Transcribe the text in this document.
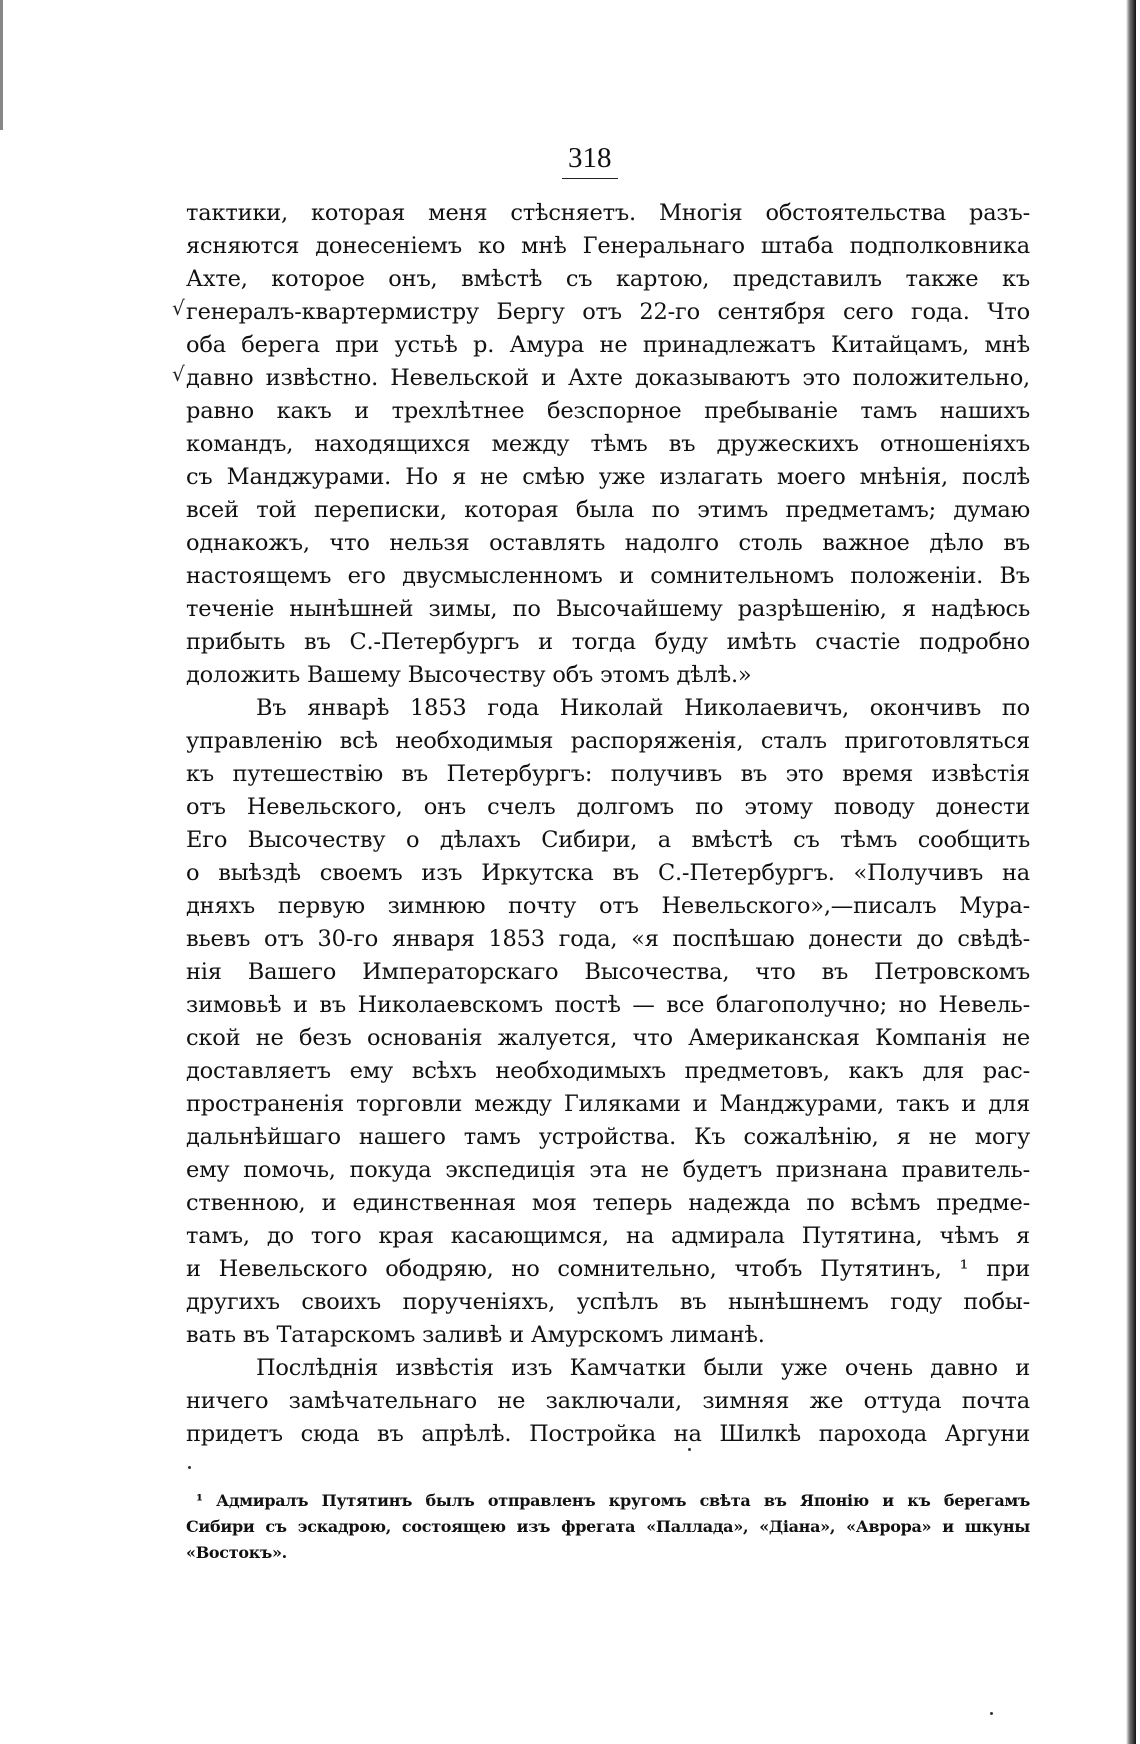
318
√
√
тактики, которая меня стѣсняетъ. Многія обстоятельства разъ-
ясняются донесеніемъ ко мнѣ Генеральнаго штаба подполковника
Ахте, которое онъ, вмѣстѣ съ картою, представилъ также къ
генералъ-квартермистру Бергу отъ 22-го сентября сего года. Что
оба берега при устьѣ р. Амура не принадлежатъ Китайцамъ, мнѣ
давно извѣстно. Невельской и Ахте доказываютъ это положительно,
равно какъ и трехлѣтнее безспорное пребываніе тамъ нашихъ
командъ, находящихся между тѣмъ въ дружескихъ отношеніяхъ
съ Манджурами. Но я не смѣю уже излагать моего мнѣнія, послѣ
всей той переписки, которая была по этимъ предметамъ; думаю
однакожъ, что нельзя оставлять надолго столь важное дѣло въ
настоящемъ его двусмысленномъ и сомнительномъ положеніи. Въ
теченіе нынѣшней зимы, по Высочайшему разрѣшенію, я надѣюсь
прибыть въ С.-Петербургъ и тогда буду имѣть счастіе подробно
доложить Вашему Высочеству объ этомъ дѣлѣ.»
Въ январѣ 1853 года Николай Николаевичъ, окончивъ по
управленію всѣ необходимыя распоряженія, сталъ приготовляться
къ путешествію въ Петербургъ: получивъ въ это время извѣстія
отъ Невельского, онъ счелъ долгомъ по этому поводу донести
Его Высочеству о дѣлахъ Сибири, а вмѣстѣ съ тѣмъ сообщить
о выѣздѣ своемъ изъ Иркутска въ С.-Петербургъ. «Получивъ на
дняхъ первую зимнюю почту отъ Невельского»,—писалъ Мура-
вьевъ отъ 30-го января 1853 года, «я поспѣшаю донести до свѣдѣ-
нія Вашего Императорскаго Высочества, что въ Петровскомъ
зимовьѣ и въ Николаевскомъ постѣ — все благополучно; но Невель-
ской не безъ основанія жалуется, что Американская Компанія не
доставляетъ ему всѣхъ необходимыхъ предметовъ, какъ для рас-
пространенія торговли между Гиляками и Манджурами, такъ и для
дальнѣйшаго нашего тамъ устройства. Къ сожалѣнію, я не могу
ему помочь, покуда экспедиція эта не будетъ признана правитель-
ственною, и единственная моя теперь надежда по всѣмъ предме-
тамъ, до того края касающимся, на адмирала Путятина, чѣмъ я
и Невельского ободряю, но сомнительно, чтобъ Путятинъ, ¹ при
другихъ своихъ порученіяхъ, успѣлъ въ нынѣшнемъ году побы-
вать въ Татарскомъ заливѣ и Амурскомъ лиманѣ.
Послѣднія извѣстія изъ Камчатки были уже очень давно и
ничего замѣчательнаго не заключали, зимняя же оттуда почта
придетъ сюда въ апрѣлѣ. Постройка на Шилкѣ парохода Аргуни
¹ Адмиралъ Путятинъ былъ отправленъ кругомъ свѣта въ Японію и къ берегамъ
Сибири съ эскадрою, состоящею изъ фрегата «Паллада», «Діана», «Аврора» и шкуны
«Востокъ».
